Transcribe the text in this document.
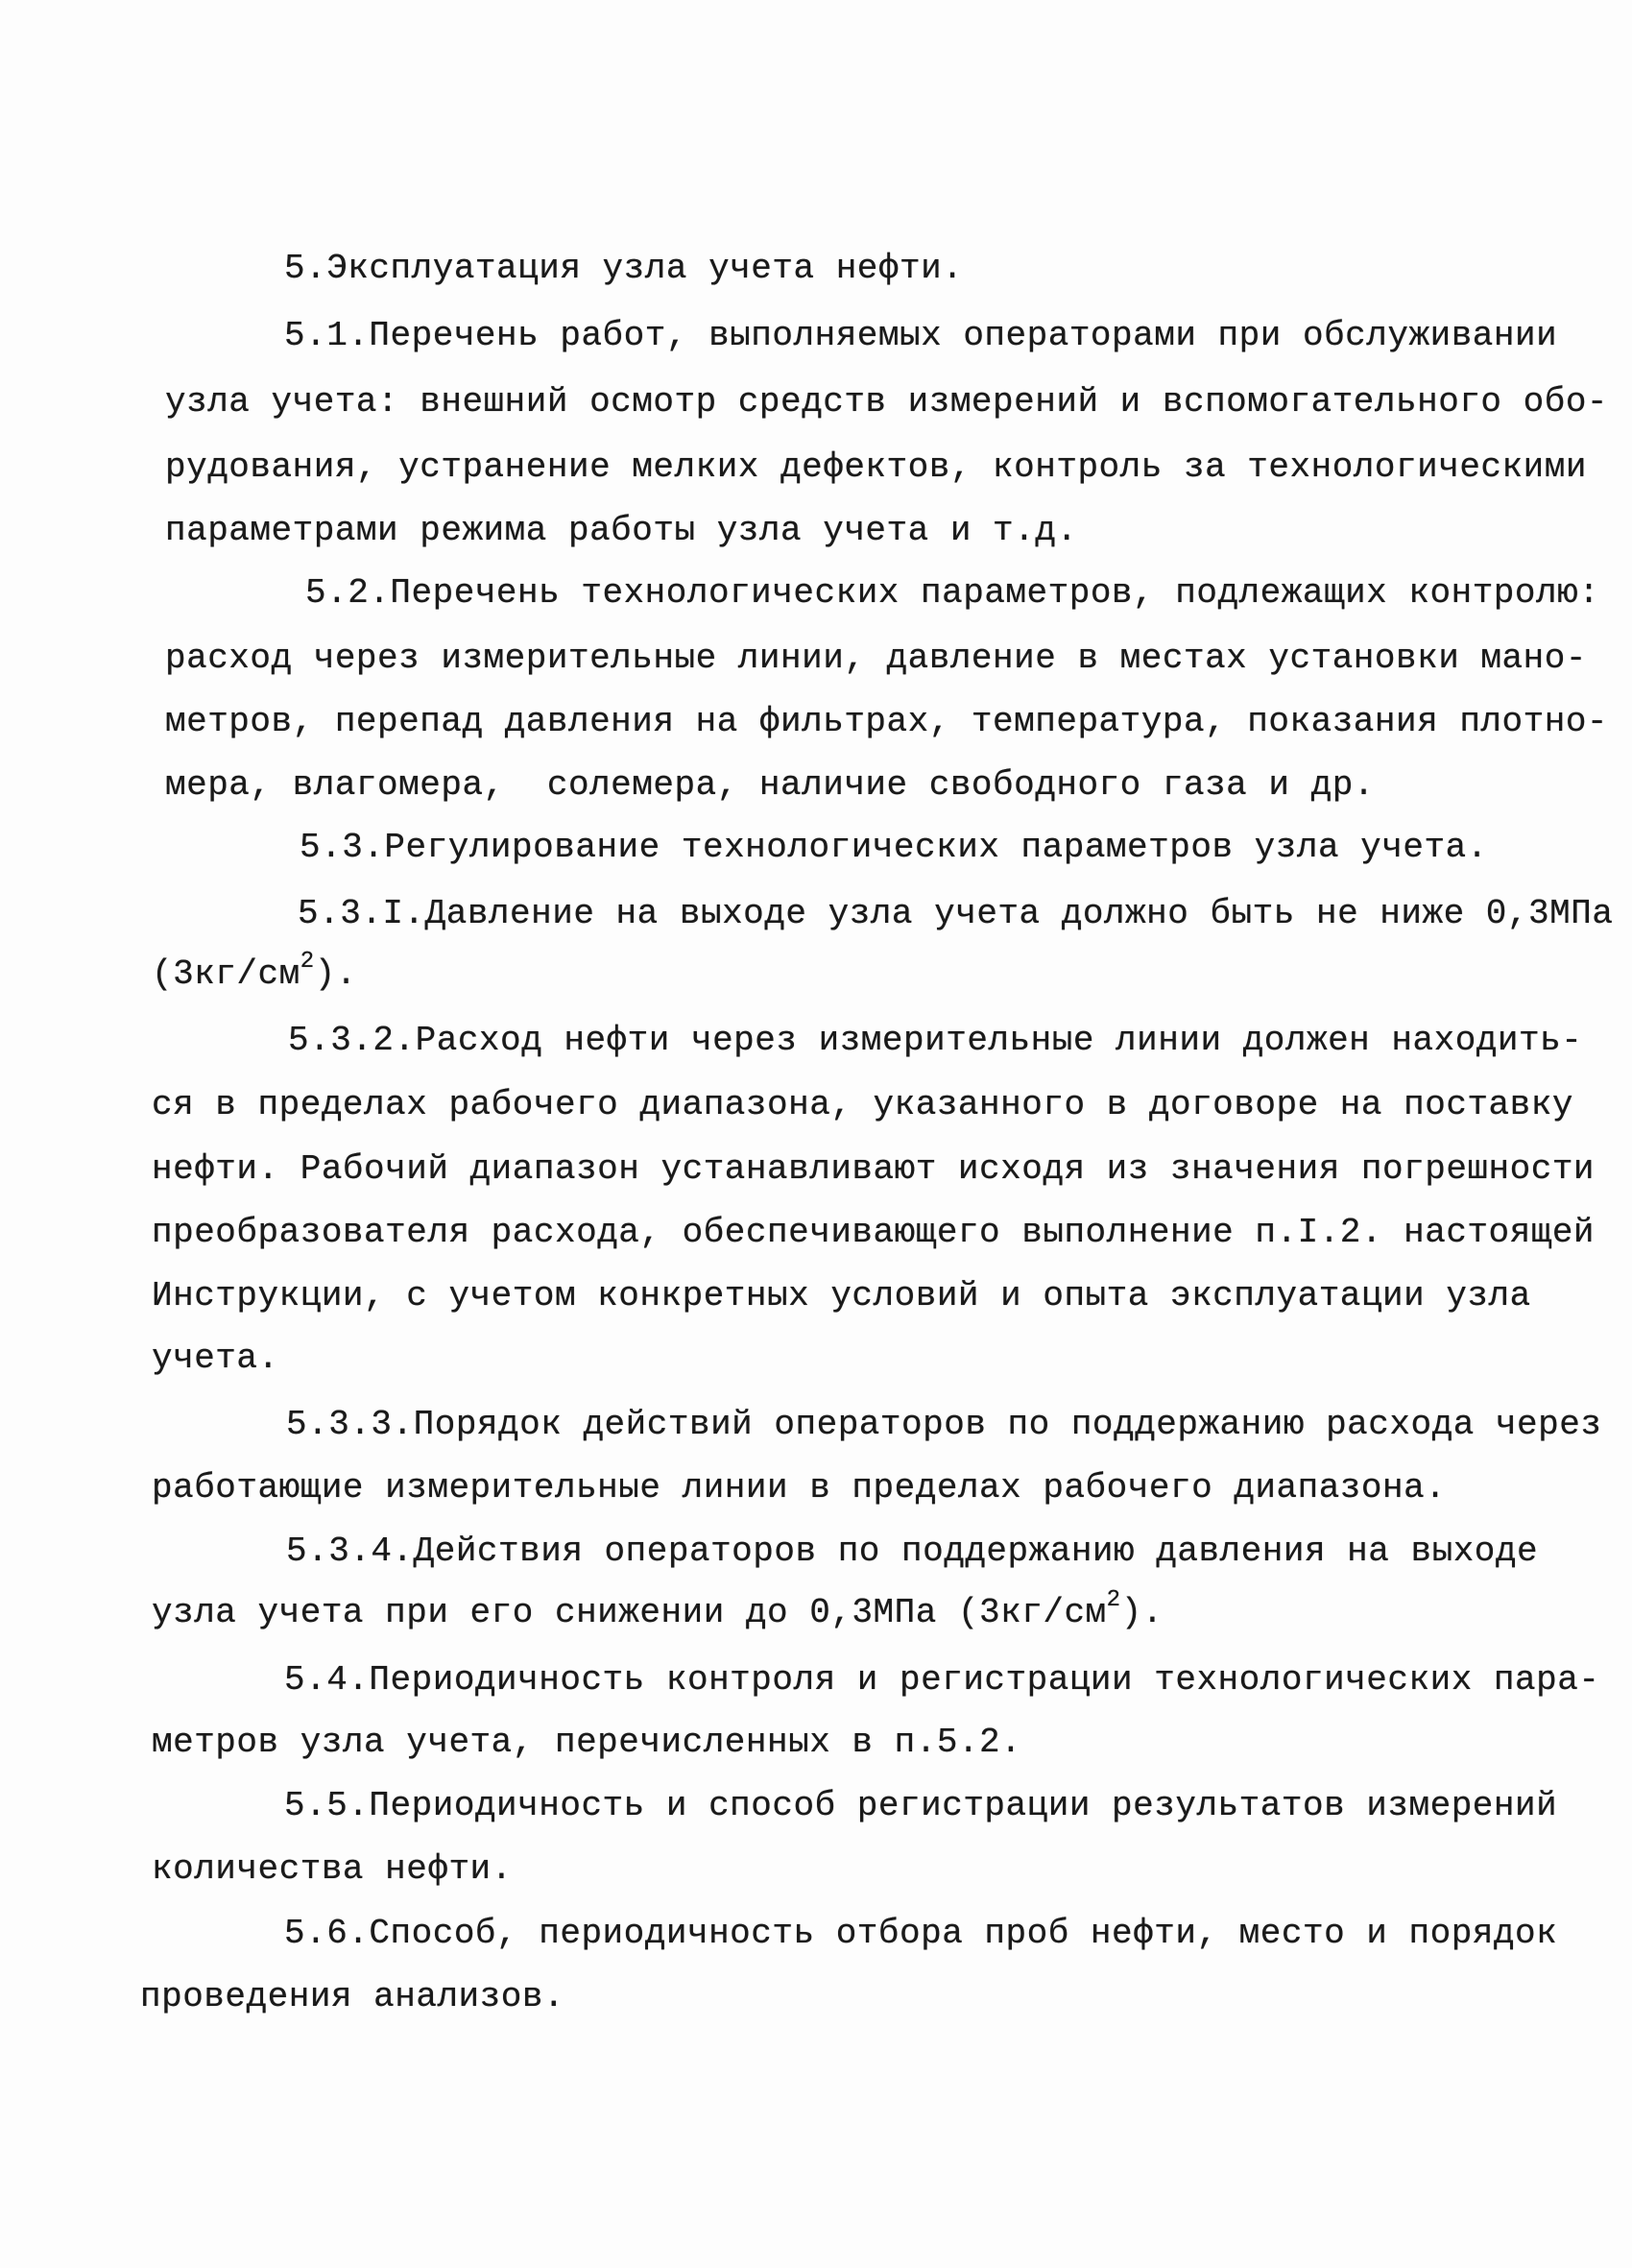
5.Эксплуатация узла учета нефти.
5.1.Перечень работ, выполняемых операторами при обслуживании
узла учета: внешний осмотр средств измерений и вспомогательного обо-
рудования, устранение мелких дефектов, контроль за технологическими
параметрами режима работы узла учета и т.д.
5.2.Перечень технологических параметров, подлежащих контролю:
расход через измерительные линии, давление в местах установки мано-
метров, перепад давления на фильтрах, температура, показания плотно-
мера, влагомера,  солемера, наличие свободного газа и др.
5.3.Регулирование технологических параметров узла учета.
5.3.I.Давление на выходе узла учета должно быть не ниже 0,3МПа
$(3кг/см^2)$.
5.3.2.Расход нефти через измерительные линии должен находить-
ся в пределах рабочего диапазона, указанного в договоре на поставку
нефти. Рабочий диапазон устанавливают исходя из значения погрешности
преобразователя расхода, обеспечивающего выполнение п.I.2. настоящей
Инструкции, с учетом конкретных условий и опыта эксплуатации узла
учета.
5.3.3.Порядок действий операторов по поддержанию расхода через
работающие измерительные линии в пределах рабочего диапазона.
5.3.4.Действия операторов по поддержанию давления на выходе
узла учета при его снижении до 0,3МПа $(3кг/см^2)$.
5.4.Периодичность контроля и регистрации технологических пара-
метров узла учета, перечисленных в п.5.2.
5.5.Периодичность и способ регистрации результатов измерений
количества нефти.
5.6.Способ, периодичность отбора проб нефти, место и порядок
проведения анализов.
